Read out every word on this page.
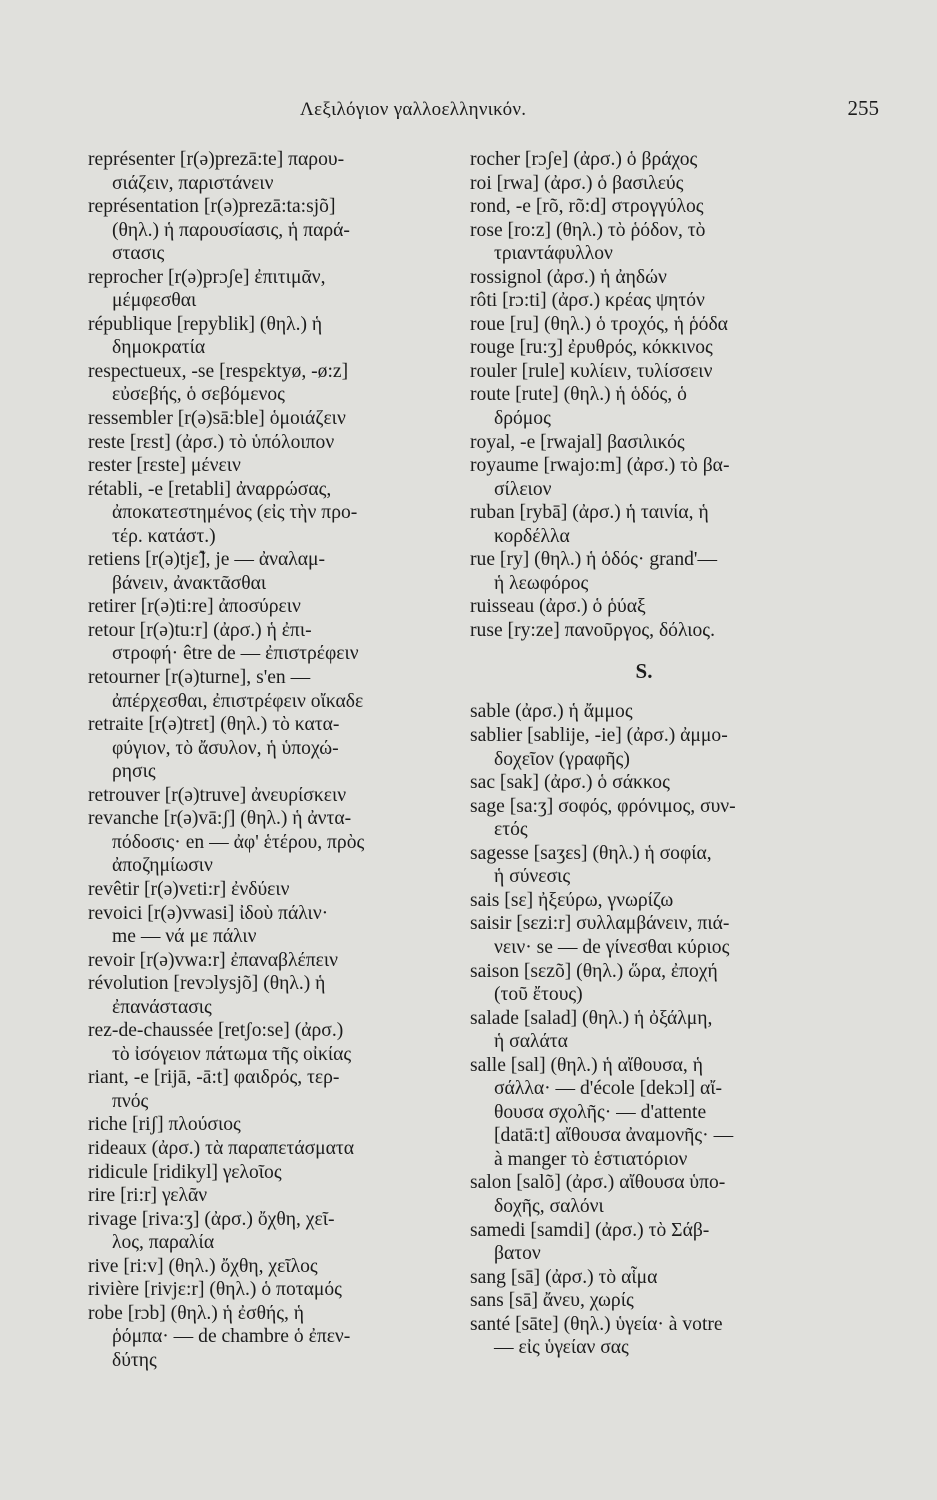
Λεξιλόγιον γαλλοελληνικόν.	255
représenter [r(ə)prezā:te] παρου-
σιάζειν, παριστάνειν
représentation [r(ə)prezā:ta:sjõ]
(θηλ.) ἡ παρουσίασις, ἡ παρά-
στασις
reprocher [r(ə)prɔʃe] ἐπιτιμᾶν,
μέμφεσθαι
république [repyblik] (θηλ.) ἡ
δημοκρατία
respectueux, -se [respɛktyø, -ø:z]
εὐσεβής, ὁ σεβόμενος
ressembler [r(ə)sā:ble] ὁμοιάζειν
reste [rɛst] (ἀρσ.) τὸ ὑπόλοιπον
rester [rɛste] μένειν
rétabli, -e [retabli] ἀναρρώσας,
ἀποκατεστημένος (εἰς τὴν προ-
τέρ. κατάστ.)
retiens [r(ə)tjɛ̃], je — ἀναλαμ-
βάνειν, ἀνακτᾶσθαι
retirer [r(ə)ti:re] ἀποσύρειν
retour [r(ə)tu:r] (ἀρσ.) ἡ ἐπι-
στροφή· être de — ἐπιστρέφειν
retourner [r(ə)turne], s'en —
ἀπέρχεσθαι, ἐπιστρέφειν οἴκαδε
retraite [r(ə)trɛt] (θηλ.) τὸ κατα-
φύγιον, τὸ ἄσυλον, ἡ ὑποχώ-
ρησις
retrouver [r(ə)truve] ἀνευρίσκειν
revanche [r(ə)vā:ʃ] (θηλ.) ἡ ἀντα-
πόδοσις· en — ἀφ' ἑτέρου, πρὸς
ἀποζημίωσιν
revêtir [r(ə)vɛti:r] ἐνδύειν
revoici [r(ə)vwasi] ἰδοὺ πάλιν·
me — νά με πάλιν
revoir [r(ə)vwa:r] ἐπαναβλέπειν
révolution [revɔlysjõ] (θηλ.) ἡ
ἐπανάστασις
rez-de-chaussée [retʃo:se] (ἀρσ.)
τὸ ἰσόγειον πάτωμα τῆς οἰκίας
riant, -e [rijā, -ā:t] φαιδρός, τερ-
πνός
riche [riʃ] πλούσιος
rideaux (ἀρσ.) τὰ παραπετάσματα
ridicule [ridikyl] γελοῖος
rire [ri:r] γελᾶν
rivage [riva:ʒ] (ἀρσ.) ὄχθη, χεῖ-
λος, παραλία
rive [ri:v] (θηλ.) ὄχθη, χεῖλος
rivière [rivjɛ:r] (θηλ.) ὁ ποταμός
robe [rɔb] (θηλ.) ἡ ἐσθής, ἡ
ῥόμπα· — de chambre ὁ ἐπεν-
δύτης
rocher [rɔʃe] (ἀρσ.) ὁ βράχος
roi [rwa] (ἀρσ.) ὁ βασιλεύς
rond, -e [rõ, rõ:d] στρογγύλος
rose [ro:z] (θηλ.) τὸ ῥόδον, τὸ
τριαντάφυλλον
rossignol (ἀρσ.) ἡ ἀηδών
rôti [rɔ:ti] (ἀρσ.) κρέας ψητόν
roue [ru] (θηλ.) ὁ τροχός, ἡ ῥόδα
rouge [ru:ʒ] ἐρυθρός, κόκκινος
rouler [rule] κυλίειν, τυλίσσειν
route [rute] (θηλ.) ἡ ὁδός, ὁ
δρόμος
royal, -e [rwajal] βασιλικός
royaume [rwajo:m] (ἀρσ.) τὸ βα-
σίλειον
ruban [rybā] (ἀρσ.) ἡ ταινία, ἡ
κορδέλλα
rue [ry] (θηλ.) ἡ ὁδός· grand'—
ἡ λεωφόρος
ruisseau (ἀρσ.) ὁ ῥύαξ
ruse [ry:ze] πανοῦργος, δόλιος.
S.
sable (ἀρσ.) ἡ ἄμμος
sablier [sablije, -ie] (ἀρσ.) ἀμμο-
δοχεῖον (γραφῆς)
sac [sak] (ἀρσ.) ὁ σάκκος
sage [sa:ʒ] σοφός, φρόνιμος, συν-
ετός
sagesse [saʒɛs] (θηλ.) ἡ σοφία,
ἡ σύνεσις
sais [sɛ] ἠξεύρω, γνωρίζω
saisir [sɛzi:r] συλλαμβάνειν, πιά-
νειν· se — de γίνεσθαι κύριος
saison [sɛzõ] (θηλ.) ὥρα, ἐποχή
(τοῦ ἔτους)
salade [salad] (θηλ.) ἡ ὀξάλμη,
ἡ σαλάτα
salle [sal] (θηλ.) ἡ αἴθουσα, ἡ
σάλλα· — d'école [dekɔl] αἴ-
θουσα σχολῆς· — d'attente
[datā:t] αἴθουσα ἀναμονῆς· —
à manger τὸ ἑστιατόριον
salon [salõ] (ἀρσ.) αἴθουσα ὑπο-
δοχῆς, σαλόνι
samedi [samdi] (ἀρσ.) τὸ Σάβ-
βατον
sang [sā] (ἀρσ.) τὸ αἷμα
sans [sā] ἄνευ, χωρίς
santé [sāte] (θηλ.) ὑγεία· à votre
— εἰς ὑγείαν σας
